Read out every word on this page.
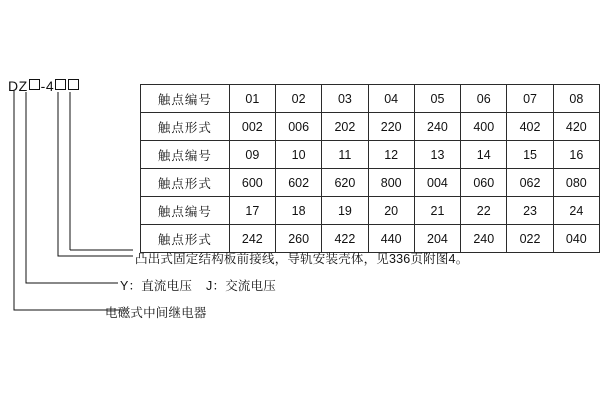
DZ -4
触点编号	01	02	03	04	05	06	07	08
触点形式	002	006	202	220	240	400	402	420
触点编号	09	10	11	12	13	14	15	16
触点形式	600	602	620	800	004	060	062	080
触点编号	17	18	19	20	21	22	23	24
触点形式	242	260	422	440	204	240	022	040
凸出式固定结构板前接线，导轨安装壳体，见336页附图4。
Y：直流电压 J：交流电压
电磁式中间继电器
